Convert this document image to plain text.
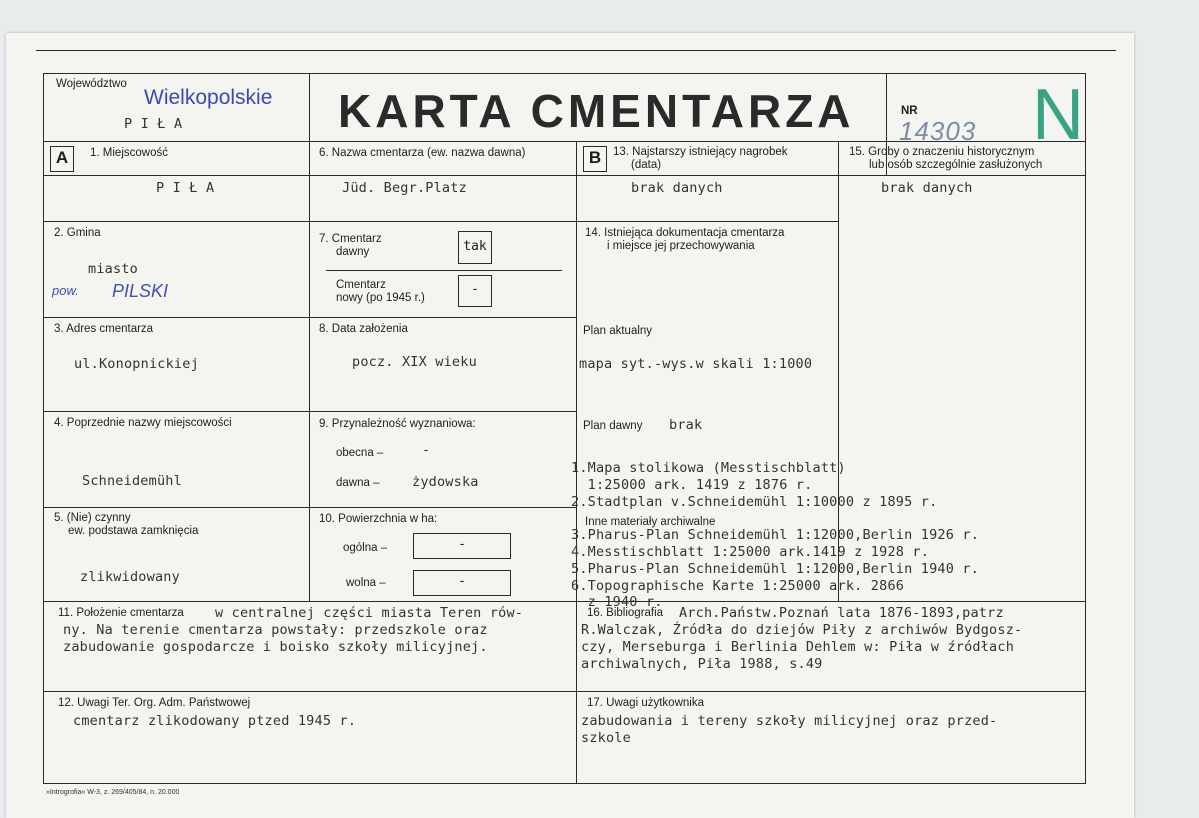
Województwo
Wielkopolskie
P I Ł A	KARTA CMENTARZA	NR
14303 N
A	1. Miejscowość
P I Ł A
2. Gmina
miasto
pow. PILSKI
3. Adres cmentarza
ul.Konopnickiej
4. Poprzednie nazwy miejscowości
Schneidemühl
5. (Nie) czynny
ew. podstawa zamknięcia
zlikwidowany
6. Nazwa cmentarza (ew. nazwa dawna)
Jüd. Begr.Platz
7. Cmentarz
dawny	tak
Cmentarz
nowy (po 1945 r.)
-
8. Data założenia
pocz. XIX wieku
9. Przynależność wyznaniowa:
obecna –	-
dawna – żydowska
10. Powierzchnia w ha:
ogólna –	-
wolna –	-
B	13. Najstarszy istniejący nagrobek
(data)
brak danych
14. Istniejąca dokumentacja cmentarza
i miejsce jej przechowywania
Plan aktualny
mapa syt.-wys.w skali 1:1000
Plan dawny brak
1.Mapa stolikowa (Messtischblatt)
1:25000 ark. 1419 z 1876 r.
2.Stadtplan v.Schneidemühl 1:10000 z 1895 r.
Inne materiały archiwalne
3.Pharus-Plan Schneidemühl 1:12000,Berlin 1926 r.
4.Messtischblatt 1:25000 ark.1419 z 1928 r.
5.Pharus-Plan Schneidemühl 1:12000,Berlin 1940 r.
6.Topographische Karte 1:25000 ark. 2866
z 1940 r.
15. Groby o znaczeniu historycznym
lub osób szczególnie zasłużonych
brak danych
11. Położenie cmentarza w centralnej części miasta Teren rów-
ny. Na terenie cmentarza powstały: przedszkole oraz
zabudowanie gospodarcze i boisko szkoły milicyjnej.
16. Bibliografia Arch.Państw.Poznań lata 1876-1893,patrz
R.Walczak, Źródła do dziejów Piły z archiwów Bydgosz-
czy, Merseburga i Berlinia Dehlem w: Piła w źródłach
archiwalnych, Piła 1988, s.49
12. Uwagi Ter. Org. Adm. Państwowej
cmentarz zlikodowany ptzed 1945 r.
17. Uwagi użytkownika
zabudowania i tereny szkoły milicyjnej oraz przed-
szkole
»Introgrofia« W-3, z. 269/405/84, n. 20.000
